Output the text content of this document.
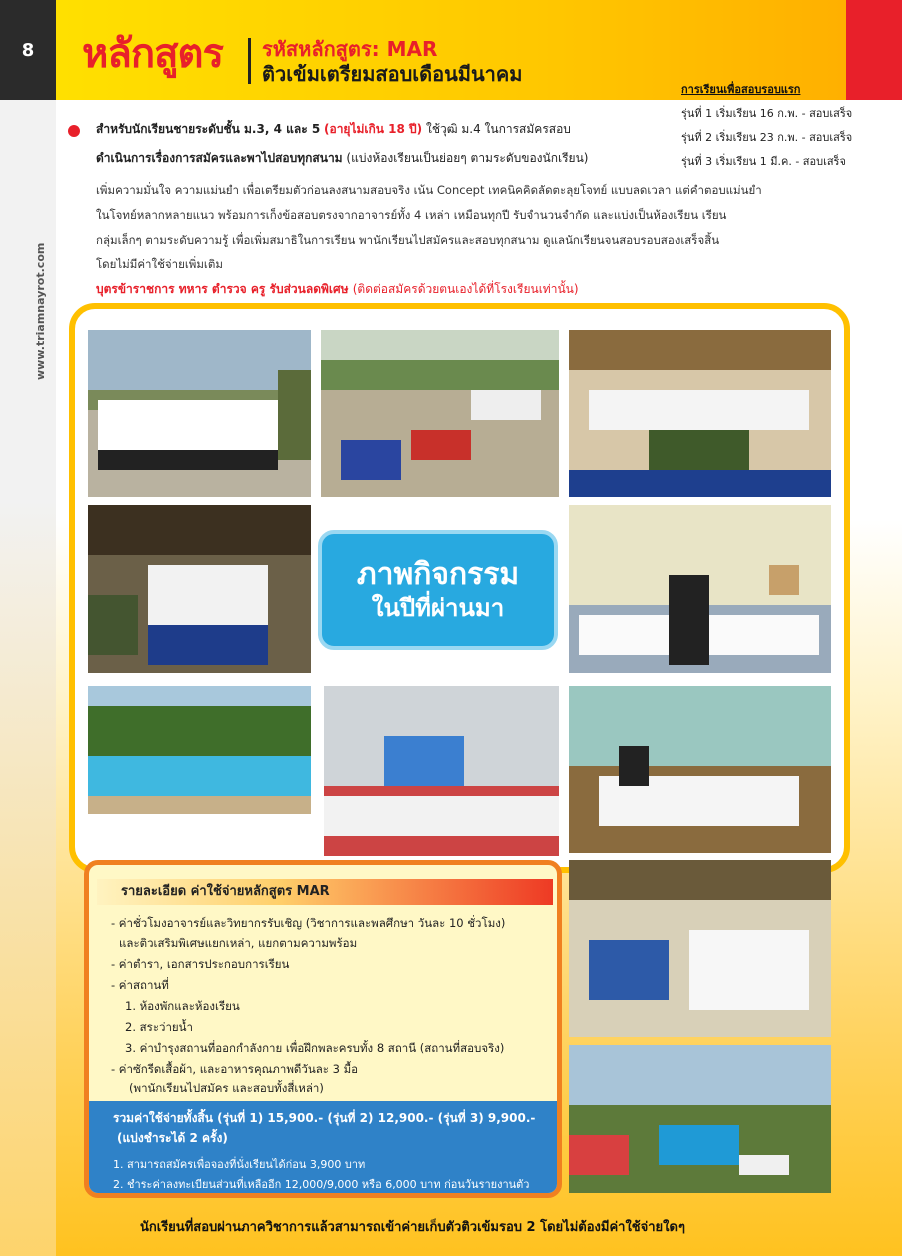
8	หลักสูตร รหัสหลักสูตร: MAR
ติวเข้มเตรียมสอบเดือนมีนาคม
www.triamnayrot.com
การเรียนเพื่อสอบรอบแรก
รุ่นที่ 1 เริ่มเรียน 16 ก.พ. - สอบเสร็จ
รุ่นที่ 2 เริ่มเรียน 23 ก.พ. - สอบเสร็จ
รุ่นที่ 3 เริ่มเรียน 1 มี.ค. - สอบเสร็จ
สำหรับนักเรียนชายระดับชั้น ม.3, 4 และ 5 (อายุไม่เกิน 18 ปี) ใช้วุฒิ ม.4 ในการสมัครสอบ
ดำเนินการเรื่องการสมัครและพาไปสอบทุกสนาม (แบ่งห้องเรียนเป็นย่อยๆ ตามระดับของนักเรียน)
เพิ่มความมั่นใจ ความแม่นยำ เพื่อเตรียมตัวก่อนลงสนามสอบจริง เน้น Concept เทคนิคคิดลัดตะลุยโจทย์ แบบลดเวลา แต่คำตอบแม่นยำ
ในโจทย์หลากหลายแนว พร้อมการเก็งข้อสอบตรงจากอาจารย์ทั้ง 4 เหล่า เหมือนทุกปี รับจำนวนจำกัด และแบ่งเป็นห้องเรียน เรียน
กลุ่มเล็กๆ ตามระดับความรู้ เพื่อเพิ่มสมาธิในการเรียน พานักเรียนไปสมัครและสอบทุกสนาม ดูแลนักเรียนจนสอบรอบสองเสร็จสิ้น
โดยไม่มีค่าใช้จ่ายเพิ่มเติม
บุตรข้าราชการ ทหาร ตำรวจ ครู รับส่วนลดพิเศษ (ติดต่อสมัครด้วยตนเองได้ที่โรงเรียนเท่านั้น)
ภาพกิจกรรม
ในปีที่ผ่านมา
รายละเอียด ค่าใช้จ่ายหลักสูตร MAR
- ค่าชั่วโมงอาจารย์และวิทยากรรับเชิญ (วิชาการและพลศึกษา วันละ 10 ชั่วโมง)
และติวเสริมพิเศษแยกเหล่า, แยกตามความพร้อม
- ค่าตำรา, เอกสารประกอบการเรียน
- ค่าสถานที่
1. ห้องพักและห้องเรียน
2. สระว่ายน้ำ
3. ค่าบำรุงสถานที่ออกกำลังกาย เพื่อฝึกพละครบทั้ง 8 สถานี (สถานที่สอบจริง)
- ค่าซักรีดเสื้อผ้า, และอาหารคุณภาพดีวันละ 3 มื้อ
(พานักเรียนไปสมัคร และสอบทั้งสี่เหล่า)
รวมค่าใช้จ่ายทั้งสิ้น (รุ่นที่ 1) 15,900.- (รุ่นที่ 2) 12,900.- (รุ่นที่ 3) 9,900.-
(แบ่งชำระได้ 2 ครั้ง)
1. สามารถสมัครเพื่อจองที่นั่งเรียนได้ก่อน 3,900 บาท
2. ชำระค่าลงทะเบียนส่วนที่เหลืออีก 12,000/9,000 หรือ 6,000 บาท ก่อนวันรายงานตัว
นักเรียนที่สอบผ่านภาควิชาการแล้วสามารถเข้าค่ายเก็บตัวติวเข้มรอบ 2 โดยไม่ต้องมีค่าใช้จ่ายใดๆ
